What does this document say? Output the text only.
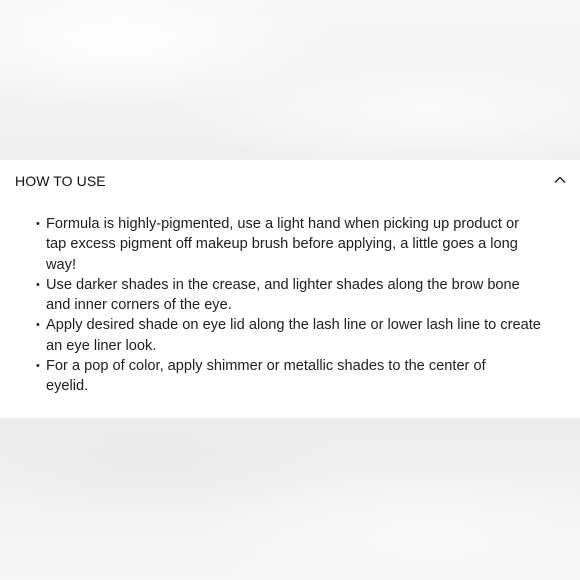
HOW TO USE
• Formula is highly-pigmented, use a light hand when picking up product or
tap excess pigment off makeup brush before applying, a little goes a long
way!
• Use darker shades in the crease, and lighter shades along the brow bone
and inner corners of the eye.
• Apply desired shade on eye lid along the lash line or lower lash line to create
an eye liner look.
• For a pop of color, apply shimmer or metallic shades to the center of
eyelid.
